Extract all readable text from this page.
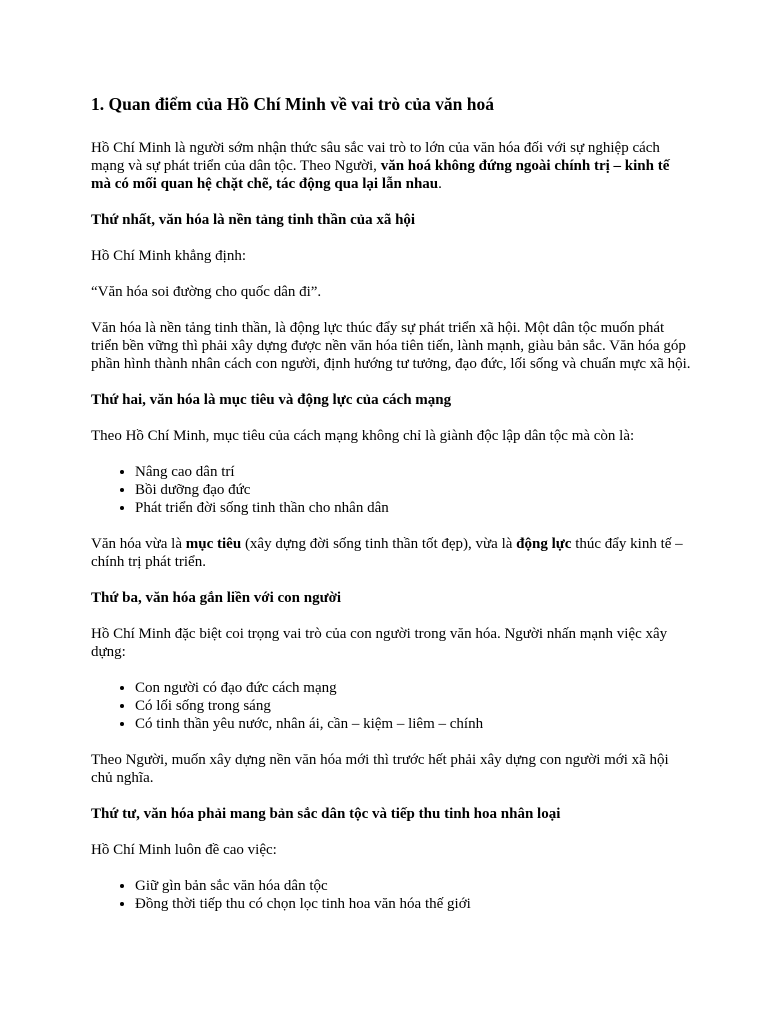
1. Quan điểm của Hồ Chí Minh về vai trò của văn hoá

Hồ Chí Minh là người sớm nhận thức sâu sắc vai trò to lớn của văn hóa đối với sự nghiệp cách mạng và sự phát triển của dân tộc. Theo Người, văn hoá không đứng ngoài chính trị – kinh tế mà có mối quan hệ chặt chẽ, tác động qua lại lẫn nhau.

Thứ nhất, văn hóa là nền tảng tinh thần của xã hội

Hồ Chí Minh khẳng định:

“Văn hóa soi đường cho quốc dân đi”.

Văn hóa là nền tảng tinh thần, là động lực thúc đẩy sự phát triển xã hội. Một dân tộc muốn phát triển bền vững thì phải xây dựng được nền văn hóa tiên tiến, lành mạnh, giàu bản sắc. Văn hóa góp phần hình thành nhân cách con người, định hướng tư tưởng, đạo đức, lối sống và chuẩn mực xã hội.

Thứ hai, văn hóa là mục tiêu và động lực của cách mạng

Theo Hồ Chí Minh, mục tiêu của cách mạng không chỉ là giành độc lập dân tộc mà còn là:

• Nâng cao dân trí
• Bồi dưỡng đạo đức
• Phát triển đời sống tinh thần cho nhân dân

Văn hóa vừa là mục tiêu (xây dựng đời sống tinh thần tốt đẹp), vừa là động lực thúc đẩy kinh tế – chính trị phát triển.

Thứ ba, văn hóa gắn liền với con người

Hồ Chí Minh đặc biệt coi trọng vai trò của con người trong văn hóa. Người nhấn mạnh việc xây dựng:

• Con người có đạo đức cách mạng
• Có lối sống trong sáng
• Có tinh thần yêu nước, nhân ái, cần – kiệm – liêm – chính

Theo Người, muốn xây dựng nền văn hóa mới thì trước hết phải xây dựng con người mới xã hội chủ nghĩa.

Thứ tư, văn hóa phải mang bản sắc dân tộc và tiếp thu tinh hoa nhân loại

Hồ Chí Minh luôn đề cao việc:

• Giữ gìn bản sắc văn hóa dân tộc
• Đồng thời tiếp thu có chọn lọc tinh hoa văn hóa thế giới
